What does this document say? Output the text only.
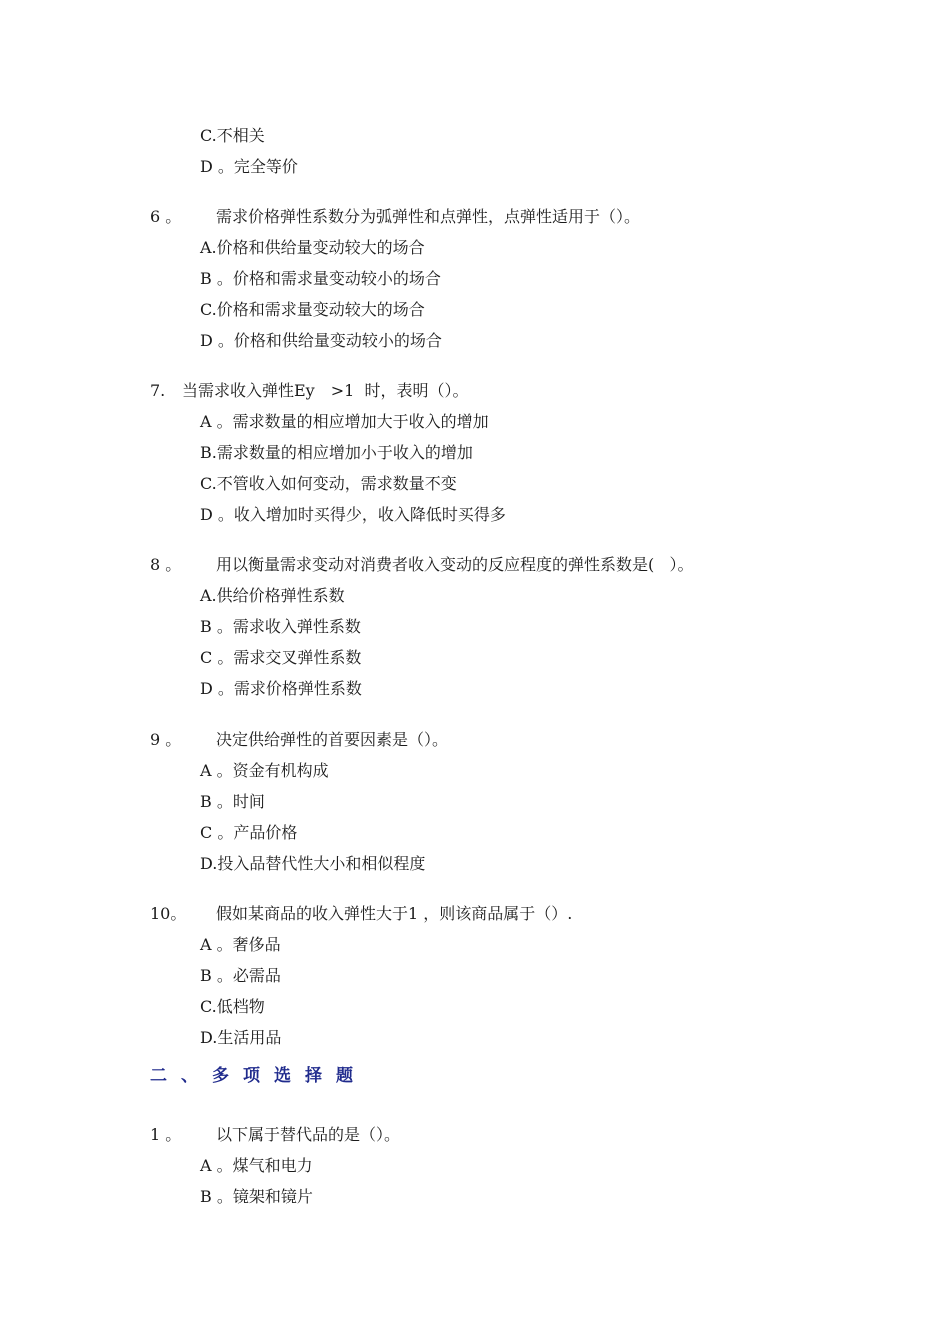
C.不相关
D 。完全等价
6 。 需求价格弹性系数分为弧弹性和点弹性，点弹性适用于（）。
A.价格和供给量变动较大的场合
B 。价格和需求量变动较小的场合
C.价格和需求量变动较大的场合
D 。价格和供给量变动较小的场合
7. 当需求收入弹性Ey　>1  时，表明（）。
A 。需求数量的相应增加大于收入的增加
B.需求数量的相应增加小于收入的增加
C.不管收入如何变动，需求数量不变
D 。收入增加时买得少，收入降低时买得多
8 。 用以衡量需求变动对消费者收入变动的反应程度的弹性系数是(   ）。
A.供给价格弹性系数
B 。需求收入弹性系数
C 。需求交叉弹性系数
D 。需求价格弹性系数
9 。 决定供给弹性的首要因素是（）。
A 。资金有机构成
B 。时间
C 。产品价格
D.投入品替代性大小和相似程度
10。 假如某商品的收入弹性大于1 ，则该商品属于（）.
A 。奢侈品
B 。必需品
C.低档物
D.生活用品
二、多项选择题
1 。 以下属于替代品的是（）。
A 。煤气和电力
B 。镜架和镜片
